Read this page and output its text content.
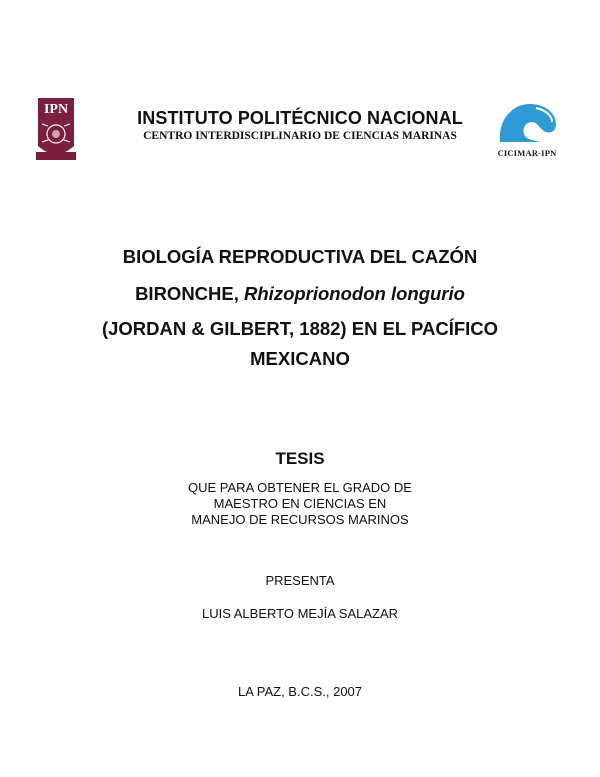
IPN
CICIMAR-IPN
INSTITUTO POLITÉCNICO NACIONAL
CENTRO INTERDISCIPLINARIO DE CIENCIAS MARINAS
BIOLOGÍA REPRODUCTIVA DEL CAZÓN
BIRONCHE, Rhizoprionodon longurio
(JORDAN & GILBERT, 1882) EN EL PACÍFICO
MEXICANO
TESIS
QUE PARA OBTENER EL GRADO DE
MAESTRO EN CIENCIAS EN
MANEJO DE RECURSOS MARINOS
PRESENTA
LUIS ALBERTO MEJÍA SALAZAR
LA PAZ, B.C.S., 2007
